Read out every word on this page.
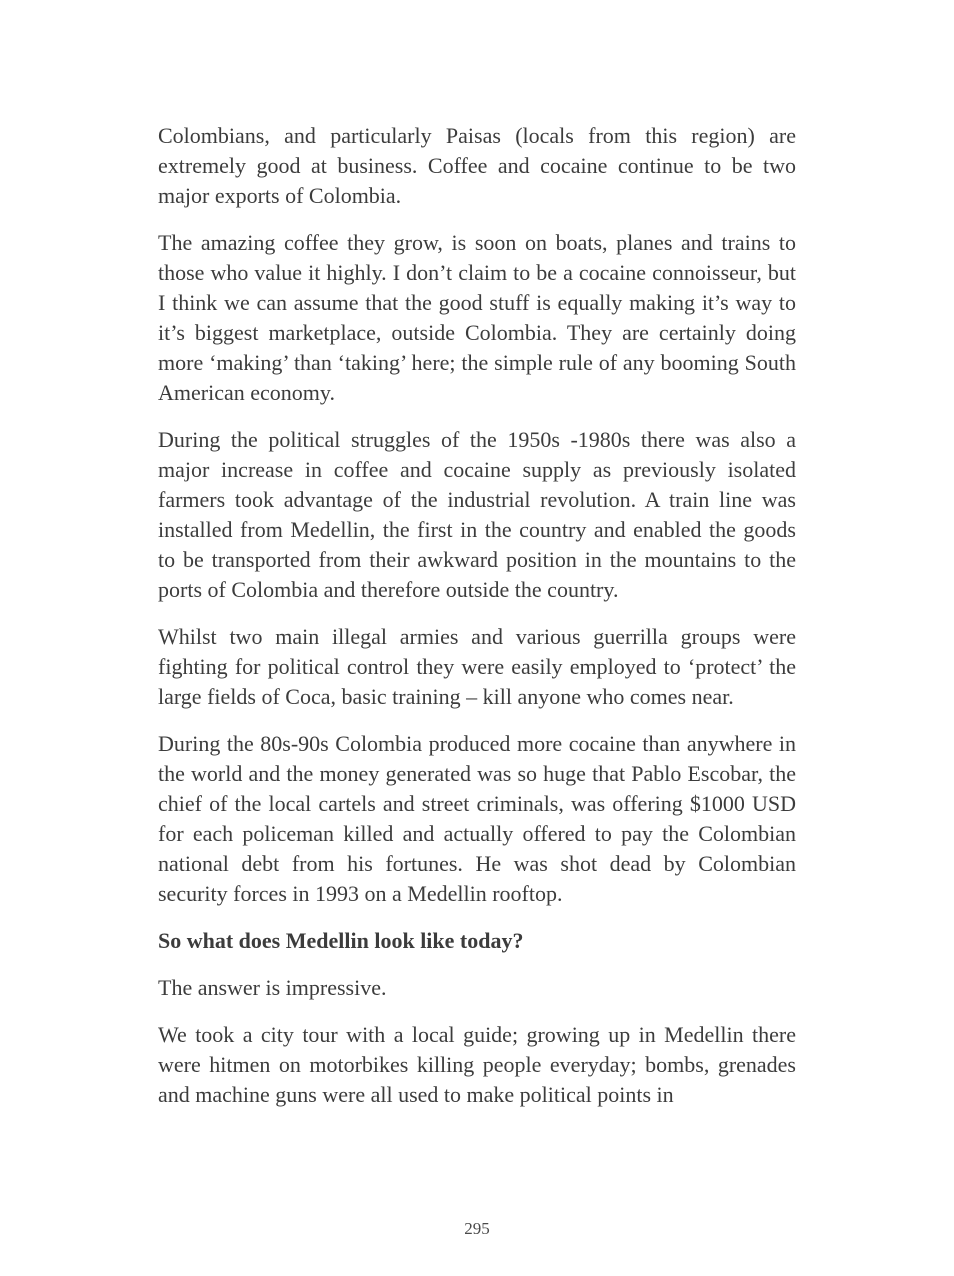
Colombians, and particularly Paisas (locals from this region) are extremely good at business. Coffee and cocaine continue to be two major exports of Colombia.

The amazing coffee they grow, is soon on boats, planes and trains to those who value it highly. I don’t claim to be a cocaine connoisseur, but I think we can assume that the good stuff is equally making it’s way to it’s biggest marketplace, outside Colombia. They are certainly doing more ‘making’ than ‘taking’ here; the simple rule of any booming South American economy.

During the political struggles of the 1950s -1980s there was also a major increase in coffee and cocaine supply as previously isolated farmers took advantage of the industrial revolution. A train line was installed from Medellin, the first in the country and enabled the goods to be transported from their awkward position in the mountains to the ports of Colombia and therefore outside the country.

Whilst two main illegal armies and various guerrilla groups were fighting for political control they were easily employed to ‘protect’ the large fields of Coca, basic training – kill anyone who comes near.

During the 80s-90s Colombia produced more cocaine than anywhere in the world and the money generated was so huge that Pablo Escobar, the chief of the local cartels and street criminals, was offering $1000 USD for each policeman killed and actually offered to pay the Colombian national debt from his fortunes. He was shot dead by Colombian security forces in 1993 on a Medellin rooftop.

So what does Medellin look like today?

The answer is impressive.

We took a city tour with a local guide; growing up in Medellin there were hitmen on motorbikes killing people everyday; bombs, grenades and machine guns were all used to make political points in

295
